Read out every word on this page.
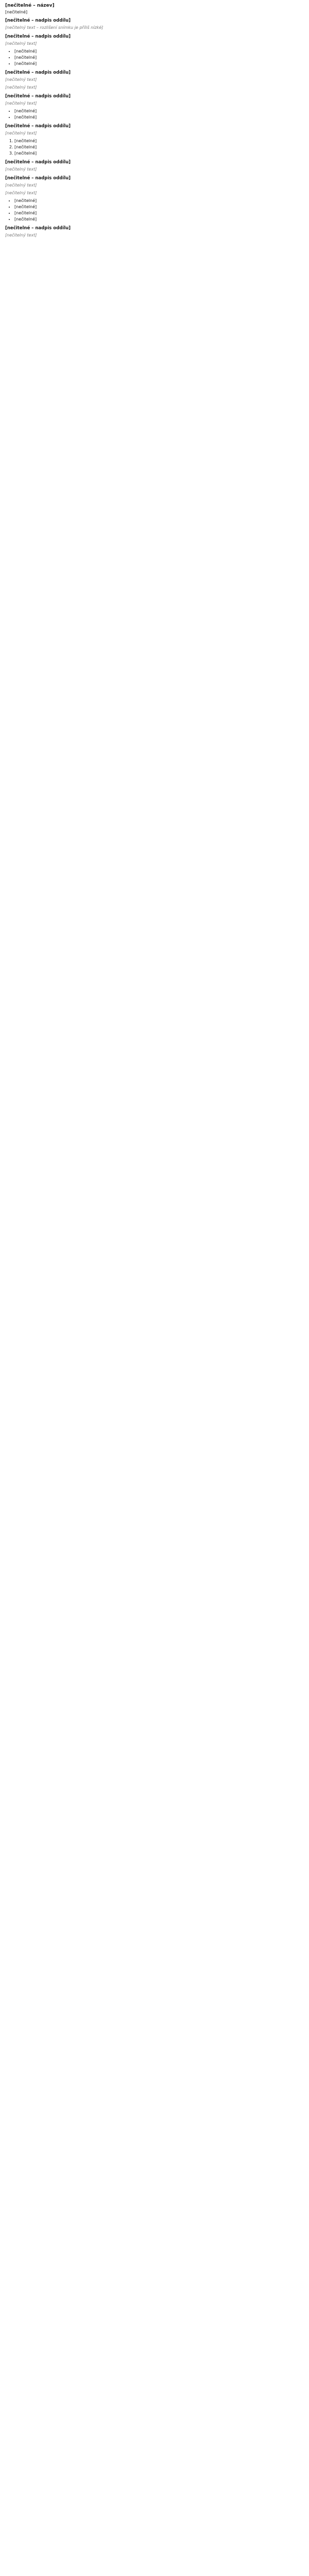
[nečitelné – název]
[nečitelné]
[nečitelné – nadpis oddílu]

[nečitelný text – rozlišení snímku je příliš nízké]

[nečitelné – nadpis oddílu]

[nečitelný text]

• [nečitelné]
• [nečitelné]
• [nečitelné]
[nečitelné – nadpis oddílu]

[nečitelný text]

[nečitelný text]

[nečitelné – nadpis oddílu]

[nečitelný text]

• [nečitelné]
• [nečitelné]
[nečitelné – nadpis oddílu]

[nečitelný text]

1. [nečitelné]
2. [nečitelné]
3. [nečitelné]
[nečitelné – nadpis oddílu]

[nečitelný text]

[nečitelné – nadpis oddílu]

[nečitelný text]

[nečitelný text]

• [nečitelné]
• [nečitelné]
• [nečitelné]
• [nečitelné]
[nečitelné – nadpis oddílu]

[nečitelný text]
